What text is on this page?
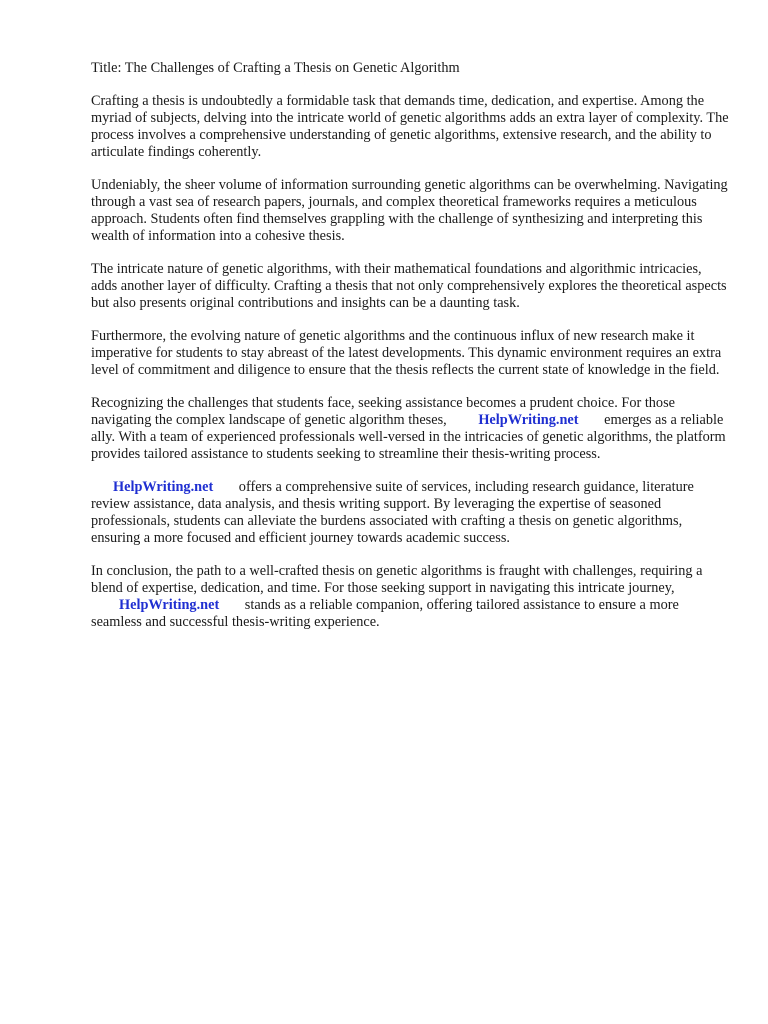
Title: The Challenges of Crafting a Thesis on Genetic Algorithm

Crafting a thesis is undoubtedly a formidable task that demands time, dedication, and expertise. Among the myriad of subjects, delving into the intricate world of genetic algorithms adds an extra layer of complexity. The process involves a comprehensive understanding of genetic algorithms, extensive research, and the ability to articulate findings coherently.

Undeniably, the sheer volume of information surrounding genetic algorithms can be overwhelming. Navigating through a vast sea of research papers, journals, and complex theoretical frameworks requires a meticulous approach. Students often find themselves grappling with the challenge of synthesizing and interpreting this wealth of information into a cohesive thesis.

The intricate nature of genetic algorithms, with their mathematical foundations and algorithmic intricacies, adds another layer of difficulty. Crafting a thesis that not only comprehensively explores the theoretical aspects but also presents original contributions and insights can be a daunting task.

Furthermore, the evolving nature of genetic algorithms and the continuous influx of new research make it imperative for students to stay abreast of the latest developments. This dynamic environment requires an extra level of commitment and diligence to ensure that the thesis reflects the current state of knowledge in the field.

Recognizing the challenges that students face, seeking assistance becomes a prudent choice. For those navigating the complex landscape of genetic algorithm theses, HelpWriting.net emerges as a reliable ally. With a team of experienced professionals well-versed in the intricacies of genetic algorithms, the platform provides tailored assistance to students seeking to streamline their thesis-writing process.

HelpWriting.net offers a comprehensive suite of services, including research guidance, literature review assistance, data analysis, and thesis writing support. By leveraging the expertise of seasoned professionals, students can alleviate the burdens associated with crafting a thesis on genetic algorithms, ensuring a more focused and efficient journey towards academic success.

In conclusion, the path to a well-crafted thesis on genetic algorithms is fraught with challenges, requiring a blend of expertise, dedication, and time. For those seeking support in navigating this intricate journey, HelpWriting.net stands as a reliable companion, offering tailored assistance to ensure a more seamless and successful thesis-writing experience.
